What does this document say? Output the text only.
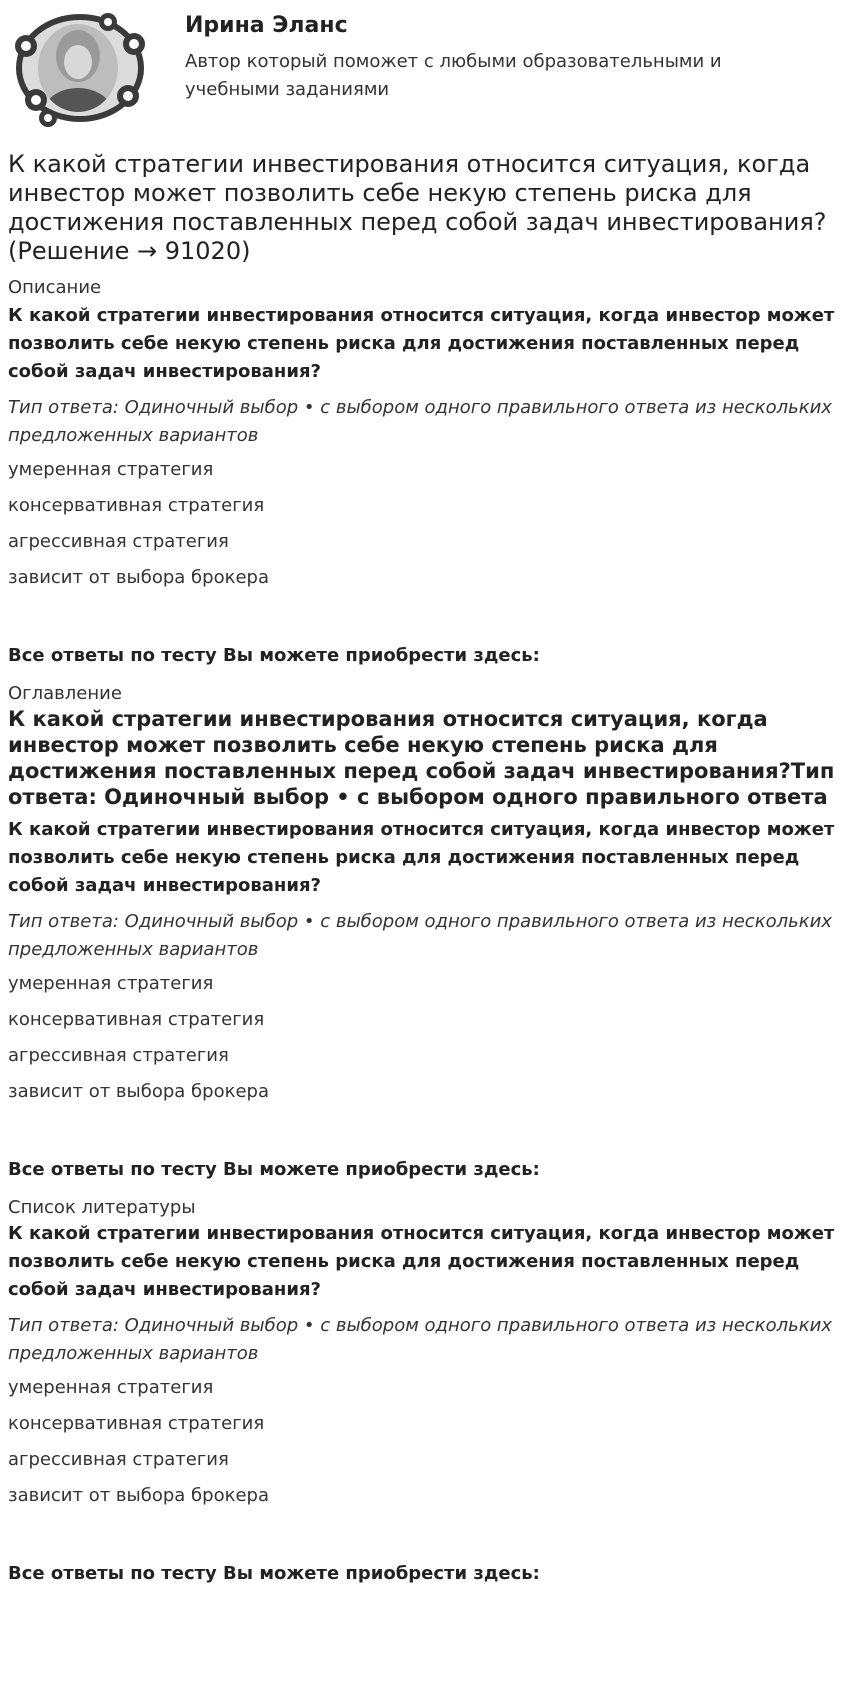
Ирина Эланс
Автор который поможет с любыми образовательными и учебными заданиями
К какой стратегии инвестирования относится ситуация, когда инвестор может позволить себе некую степень риска для достижения поставленных перед собой задач инвестирования? (Решение → 91020)

Описание

К какой стратегии инвестирования относится ситуация, когда инвестор может позволить себе некую степень риска для достижения поставленных перед собой задач инвестирования?

Тип ответа: Одиночный выбор • с выбором одного правильного ответа из нескольких предложенных вариантов

умеренная стратегия

консервативная стратегия

агрессивная стратегия

зависит от выбора брокера

Все ответы по тесту Вы можете приобрести здесь:

Оглавление

К какой стратегии инвестирования относится ситуация, когда инвестор может позволить себе некую степень риска для достижения поставленных перед собой задач инвестирования?Тип ответа: Одиночный выбор • с выбором одного правильного ответа

К какой стратегии инвестирования относится ситуация, когда инвестор может позволить себе некую степень риска для достижения поставленных перед собой задач инвестирования?

Тип ответа: Одиночный выбор • с выбором одного правильного ответа из нескольких предложенных вариантов

умеренная стратегия

консервативная стратегия

агрессивная стратегия

зависит от выбора брокера

Все ответы по тесту Вы можете приобрести здесь:

Список литературы

К какой стратегии инвестирования относится ситуация, когда инвестор может позволить себе некую степень риска для достижения поставленных перед собой задач инвестирования?

Тип ответа: Одиночный выбор • с выбором одного правильного ответа из нескольких предложенных вариантов

умеренная стратегия

консервативная стратегия

агрессивная стратегия

зависит от выбора брокера

Все ответы по тесту Вы можете приобрести здесь:
